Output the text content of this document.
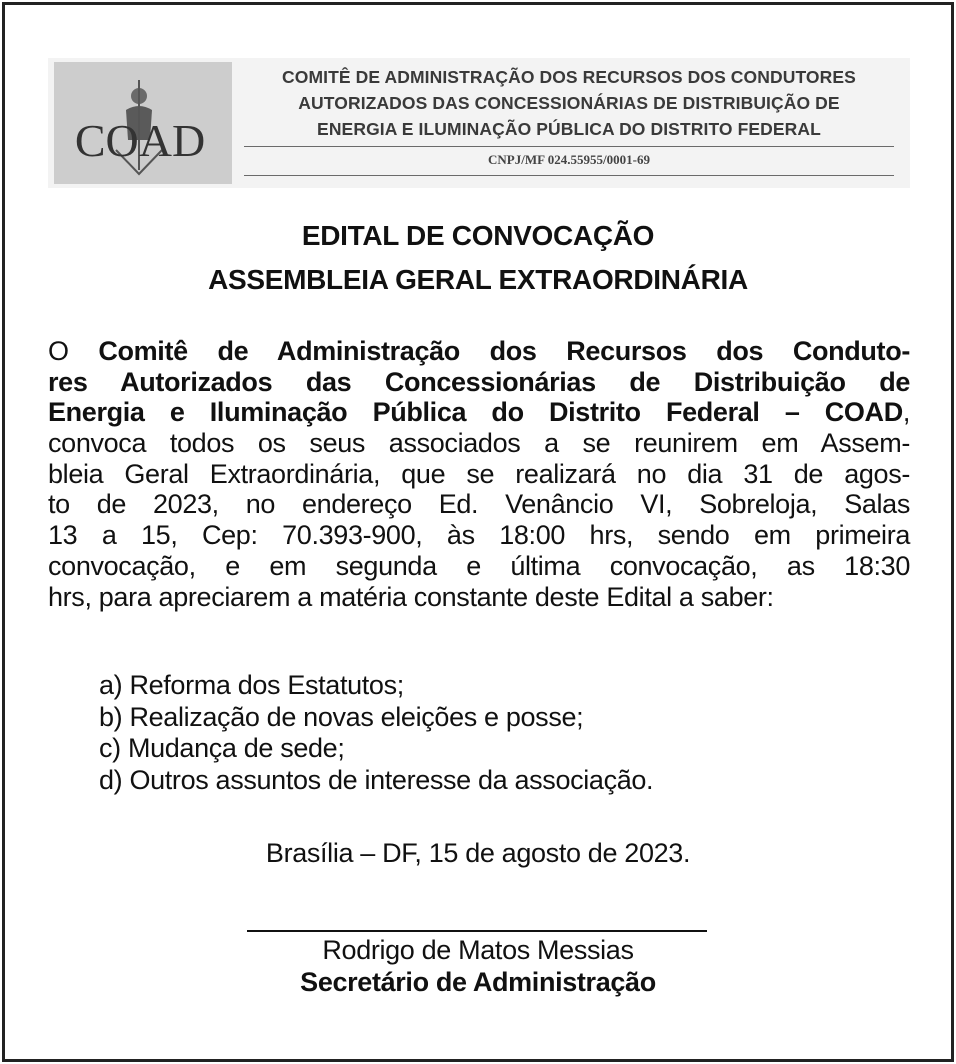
COAD
COMITÊ DE ADMINISTRAÇÃO DOS RECURSOS DOS CONDUTORES
AUTORIZADOS DAS CONCESSIONÁRIAS DE DISTRIBUIÇÃO DE
ENERGIA E ILUMINAÇÃO PÚBLICA DO DISTRITO FEDERAL
CNPJ/MF 024.55955/0001-69
EDITAL DE CONVOCAÇÃO
ASSEMBLEIA GERAL EXTRAORDINÁRIA
O Comitê de Administração dos Recursos dos Conduto-
res Autorizados das Concessionárias de Distribuição de
Energia e Iluminação Pública do Distrito Federal – COAD,
convoca todos os seus associados a se reunirem em Assem-
bleia Geral Extraordinária, que se realizará no dia 31 de agos-
to de 2023, no endereço Ed. Venâncio VI, Sobreloja, Salas
13 a 15, Cep: 70.393-900, às 18:00 hrs, sendo em primeira
convocação, e em segunda e última convocação, as 18:30
hrs, para apreciarem a matéria constante deste Edital a saber:
a) Reforma dos Estatutos;
b) Realização de novas eleições e posse;
c) Mudança de sede;
d) Outros assuntos de interesse da associação.
Brasília – DF, 15 de agosto de 2023.
Rodrigo de Matos Messias
Secretário de Administração
